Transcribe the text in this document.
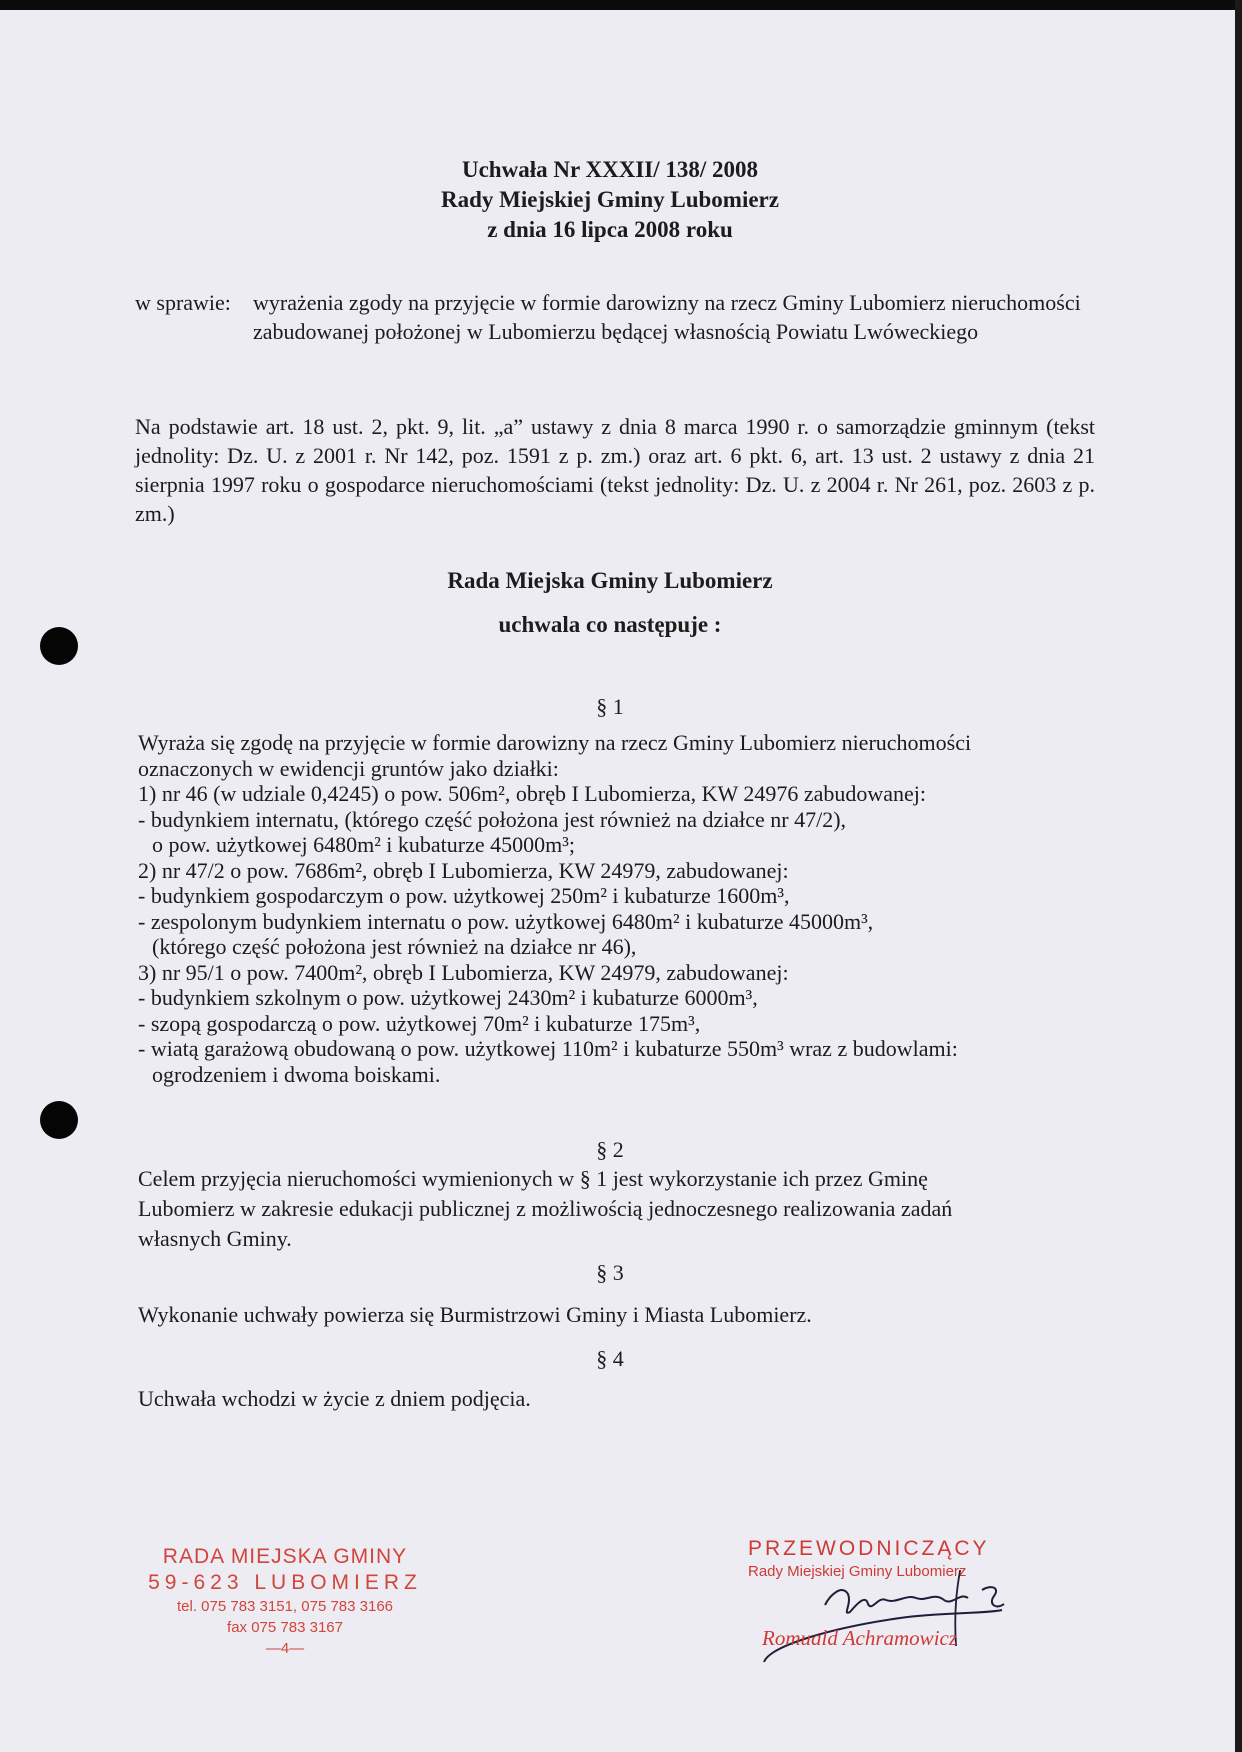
Uchwała Nr XXXII/ 138/ 2008
Rady Miejskiej Gminy Lubomierz
z dnia 16 lipca 2008 roku
w sprawie: wyrażenia zgody na przyjęcie w formie darowizny na rzecz Gminy Lubomierz nieruchomości zabudowanej położonej w Lubomierzu będącej własnością Powiatu Lwóweckiego
Na podstawie art. 18 ust. 2, pkt. 9, lit. „a” ustawy z dnia 8 marca 1990 r. o samorządzie gminnym (tekst jednolity: Dz. U. z 2001 r. Nr 142, poz. 1591 z p. zm.) oraz art. 6 pkt. 6, art. 13 ust. 2 ustawy z dnia 21 sierpnia 1997 roku o gospodarce nieruchomościami (tekst jednolity: Dz. U. z 2004 r. Nr 261, poz. 2603 z p. zm.)
Rada Miejska Gminy Lubomierz
uchwala co następuje :
§ 1
Wyraża się zgodę na przyjęcie w formie darowizny na rzecz Gminy Lubomierz nieruchomości
oznaczonych w ewidencji gruntów jako działki:
1) nr 46 (w udziale 0,4245) o pow. 506m², obręb I Lubomierza, KW 24976 zabudowanej:
- budynkiem internatu, (którego część położona jest również na działce nr 47/2),
o pow. użytkowej 6480m² i kubaturze 45000m³;
2) nr 47/2 o pow. 7686m², obręb I Lubomierza, KW 24979, zabudowanej:
- budynkiem gospodarczym o pow. użytkowej 250m² i kubaturze 1600m³,
- zespolonym budynkiem internatu o pow. użytkowej 6480m² i kubaturze 45000m³,
(którego część położona jest również na działce nr 46),
3) nr 95/1 o pow. 7400m², obręb I Lubomierza, KW 24979, zabudowanej:
- budynkiem szkolnym o pow. użytkowej 2430m² i kubaturze 6000m³,
- szopą gospodarczą o pow. użytkowej 70m² i kubaturze 175m³,
- wiatą garażową obudowaną o pow. użytkowej 110m² i kubaturze 550m³ wraz z budowlami:
ogrodzeniem i dwoma boiskami.
§ 2
Celem przyjęcia nieruchomości wymienionych w § 1 jest wykorzystanie ich przez Gminę
Lubomierz w zakresie edukacji publicznej z możliwością jednoczesnego realizowania zadań
własnych Gminy.
§ 3
Wykonanie uchwały powierza się Burmistrzowi Gminy i Miasta Lubomierz.
§ 4
Uchwała wchodzi w życie z dniem podjęcia.
RADA MIEJSKA GMINY
59-623 LUBOMIERZ
tel. 075 783 3151, 075 783 3166
fax 075 783 3167
—4—
PRZEWODNICZĄCY
Rady Miejskiej Gminy Lubomierz
Romuald Achramowicz
